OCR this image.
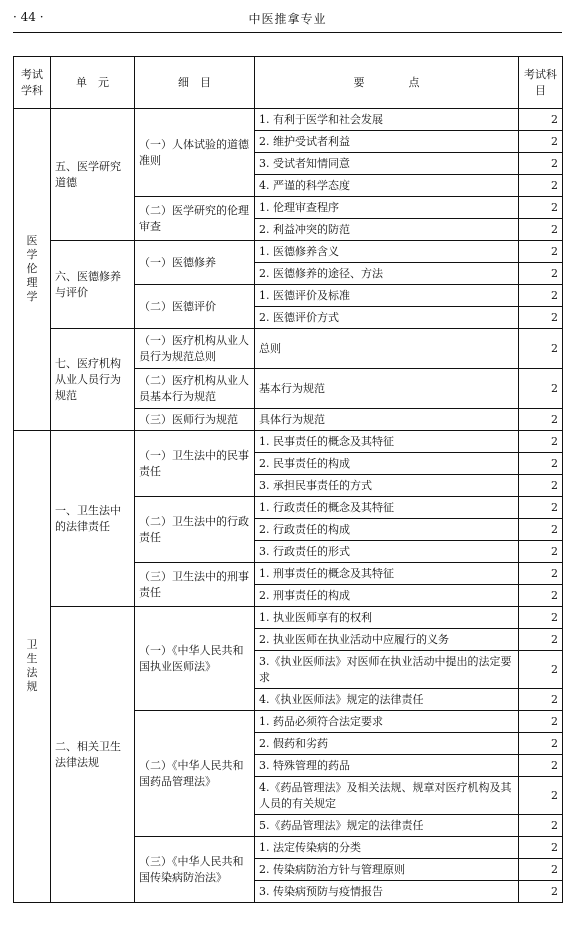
· 44 ·	中医推拿专业
考试学科	单　元	细　目	要　　　　点	考试科目
医学伦理学	五、医学研究道德	（一）人体试验的道德准则	1. 有利于医学和社会发展	2
			2. 维护受试者利益	2
			3. 受试者知情同意	2
			4. 严谨的科学态度	2
		（二）医学研究的伦理审查	1. 伦理审查程序	2
			2. 利益冲突的防范	2
	六、医德修养与评价	（一）医德修养	1. 医德修养含义	2
			2. 医德修养的途径、方法	2
		（二）医德评价	1. 医德评价及标准	2
			2. 医德评价方式	2
	七、医疗机构从业人员行为规范	（一）医疗机构从业人员行为规范总则	总则	2
		（二）医疗机构从业人员基本行为规范	基本行为规范	2
		（三）医师行为规范	具体行为规范	2
卫生法规	一、卫生法中的法律责任	（一）卫生法中的民事责任	1. 民事责任的概念及其特征	2
			2. 民事责任的构成	2
			3. 承担民事责任的方式	2
		（二）卫生法中的行政责任	1. 行政责任的概念及其特征	2
			2. 行政责任的构成	2
			3. 行政责任的形式	2
		（三）卫生法中的刑事责任	1. 刑事责任的概念及其特征	2
			2. 刑事责任的构成	2
	二、相关卫生法律法规	（一）《中华人民共和国执业医师法》	1. 执业医师享有的权利	2
			2. 执业医师在执业活动中应履行的义务	2
			3.《执业医师法》对医师在执业活动中提出的法定要求	2
			4.《执业医师法》规定的法律责任	2
		（二）《中华人民共和国药品管理法》	1. 药品必须符合法定要求	2
			2. 假药和劣药	2
			3. 特殊管理的药品	2
			4.《药品管理法》及相关法规、规章对医疗机构及其人员的有关规定	2
			5.《药品管理法》规定的法律责任	2
		（三）《中华人民共和国传染病防治法》	1. 法定传染病的分类	2
			2. 传染病防治方针与管理原则	2
			3. 传染病预防与疫情报告	2
